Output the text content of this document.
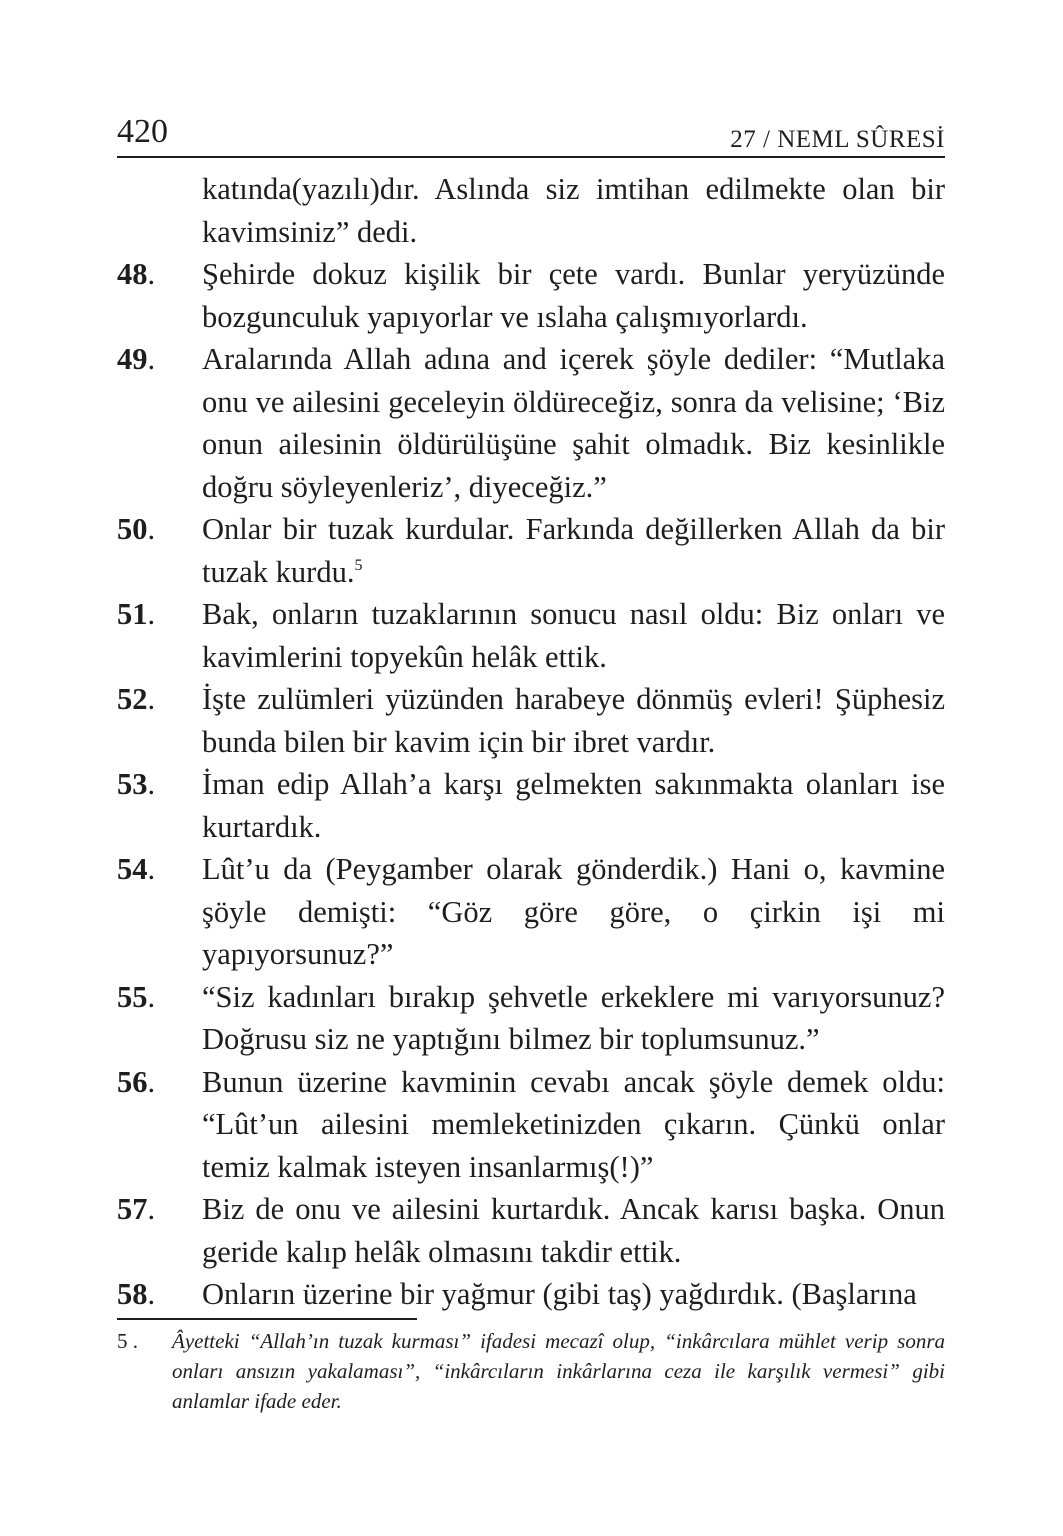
420	27 / NEML SÛRESİ
katında(yazılı)dır. Aslında siz imtihan edilmekte olan bir kavimsiniz” dedi.
48.	Şehirde dokuz kişilik bir çete vardı. Bunlar yeryüzünde bozgunculuk yapıyorlar ve ıslaha çalışmıyorlardı.
49.	Aralarında Allah adına and içerek şöyle dediler: “Mutlaka onu ve ailesini geceleyin öldüreceğiz, sonra da velisine; ‘Biz onun ailesinin öldürülüşüne şahit olmadık. Biz kesinlikle doğru söyleyenleriz’, diyeceğiz.”
50.	Onlar bir tuzak kurdular. Farkında değillerken Allah da bir tuzak kurdu.$^5$
51.	Bak, onların tuzaklarının sonucu nasıl oldu: Biz onları ve kavimlerini topyekûn helâk ettik.
52.	İşte zulümleri yüzünden harabeye dönmüş evleri! Şüphesiz bunda bilen bir kavim için bir ibret vardır.
53.	İman edip Allah’a karşı gelmekten sakınmakta olanları ise kurtardık.
54.	Lût’u da (Peygamber olarak gönderdik.) Hani o, kavmine şöyle demişti: “Göz göre göre, o çirkin işi mi yapıyorsunuz?”
55.	“Siz kadınları bırakıp şehvetle erkeklere mi varıyorsunuz? Doğrusu siz ne yaptığını bilmez bir toplumsunuz.”
56.	Bunun üzerine kavminin cevabı ancak şöyle demek oldu: “Lût’un ailesini memleketinizden çıkarın. Çünkü onlar temiz kalmak isteyen insanlarmış(!)”
57.	Biz de onu ve ailesini kurtardık. Ancak karısı başka. Onun geride kalıp helâk olmasını takdir ettik.
58.	Onların üzerine bir yağmur (gibi taş) yağdırdık. (Başlarına
5 .	Âyetteki “Allah’ın tuzak kurması” ifadesi mecazî olup, “inkârcılara mühlet verip sonra onları ansızın yakalaması”, “inkârcıların inkârlarına ceza ile karşılık vermesi” gibi anlamlar ifade eder.
